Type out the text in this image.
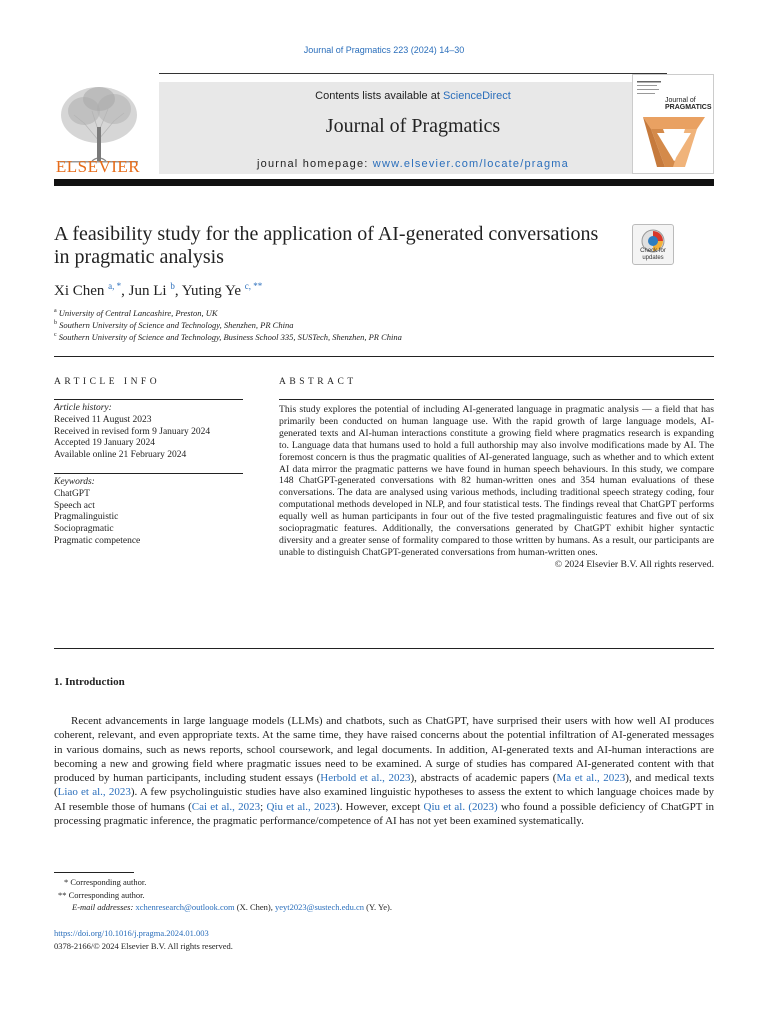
Journal of Pragmatics 223 (2024) 14–30
ELSEVIER
Contents lists available at ScienceDirect
Journal of Pragmatics
journal homepage: www.elsevier.com/locate/pragma
Journal of
PRAGMATICS
A feasibility study for the application of AI-generated conversations in pragmatic analysis	Check for updates
Xi Chen $^{a, *}$, Jun Li $^b$, Yuting Ye $^{c, **}$
$^a$ University of Central Lancashire, Preston, UK
$^b$ Southern University of Science and Technology, Shenzhen, PR China
$^c$ Southern University of Science and Technology, Business School 335, SUSTech, Shenzhen, PR China
ARTICLE INFO	ABSTRACT
Article history:
Received 11 August 2023
Received in revised form 9 January 2024
Accepted 19 January 2024
Available online 21 February 2024
Keywords:
ChatGPT
Speech act
Pragmalinguistic
Sociopragmatic
Pragmatic competence
This study explores the potential of including AI-generated language in pragmatic analysis — a field that has primarily been conducted on human language use. With the rapid growth of large language models, AI-generated texts and AI-human interactions constitute a growing field where pragmatics research is expanding to. Language data that humans used to hold a full authorship may also involve modifications made by AI. The foremost concern is thus the pragmatic qualities of AI-generated language, such as whether and to which extent AI data mirror the pragmatic patterns we have found in human speech behaviours. In this study, we compare 148 ChatGPT-generated conversations with 82 human-written ones and 354 human evaluations of these conversations. The data are analysed using various methods, including traditional speech strategy coding, four computational methods developed in NLP, and four statistical tests. The findings reveal that ChatGPT performs equally well as human participants in four out of the five tested pragmalinguistic features and five out of six sociopragmatic features. Additionally, the conversations generated by ChatGPT exhibit higher syntactic diversity and a greater sense of formality compared to those written by humans. As a result, our participants are unable to distinguish ChatGPT-generated conversations from human-written ones.
© 2024 Elsevier B.V. All rights reserved.
1. Introduction
Recent advancements in large language models (LLMs) and chatbots, such as ChatGPT, have surprised their users with how well AI produces coherent, relevant, and even appropriate texts. At the same time, they have raised concerns about the potential infiltration of AI-generated messages in various domains, such as news reports, school coursework, and legal documents. In addition, AI-generated texts and AI-human interactions are becoming a new and growing field where pragmatic issues need to be examined. A surge of studies has compared AI-generated content with that produced by human participants, including student essays (Herbold et al., 2023), abstracts of academic papers (Ma et al., 2023), and medical texts (Liao et al., 2023). A few psycholinguistic studies have also examined linguistic hypotheses to assess the extent to which language choices made by AI resemble those of humans (Cai et al., 2023; Qiu et al., 2023). However, except Qiu et al. (2023) who found a possible deficiency of ChatGPT in processing pragmatic inference, the pragmatic performance/competence of AI has not yet been examined systematically.
* Corresponding author.
** Corresponding author.
E-mail addresses: xchenresearch@outlook.com (X. Chen), yeyt2023@sustech.edu.cn (Y. Ye).
https://doi.org/10.1016/j.pragma.2024.01.003
0378-2166/© 2024 Elsevier B.V. All rights reserved.
